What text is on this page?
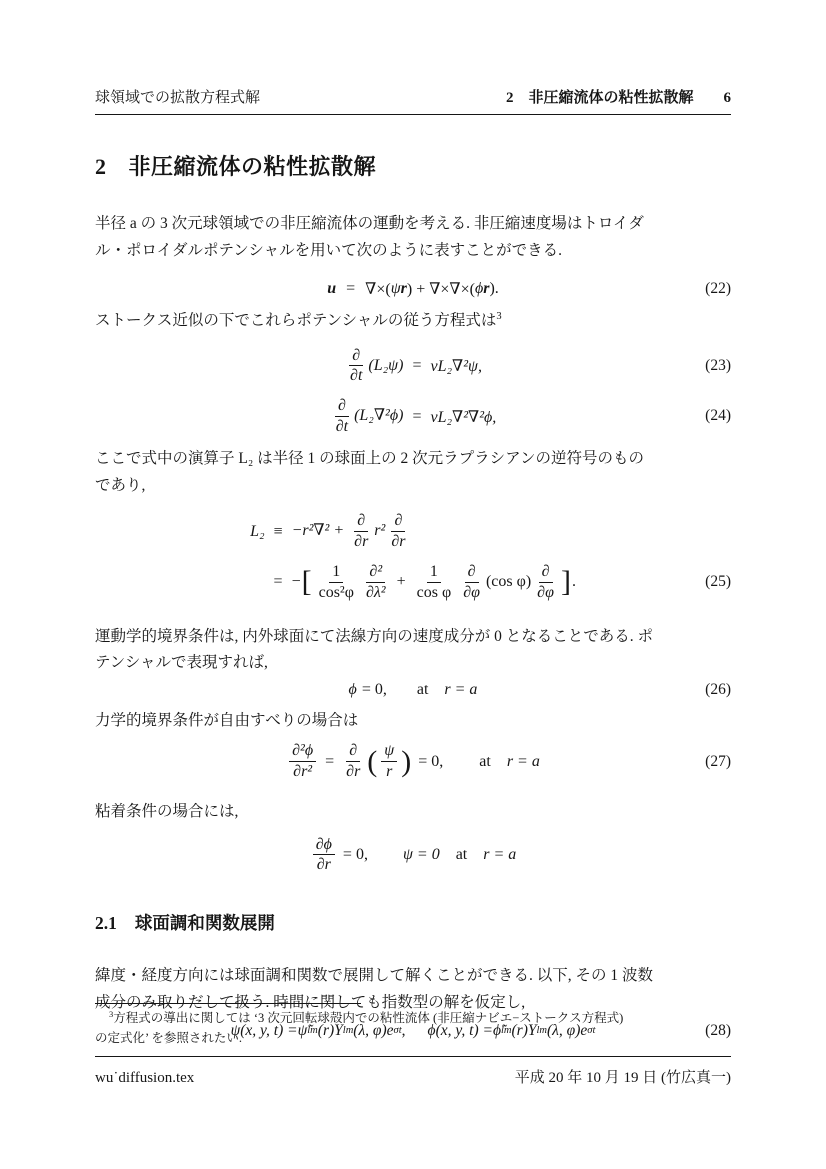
球領域での拡散方程式解	2　非圧縮流体の粘性拡散解 6
2 非圧縮流体の粘性拡散解
半径 a の 3 次元球領域での非圧縮流体の運動を考える. 非圧縮速度場はトロイダ
ル・ポロイダルポテンシャルを用いて次のように表すことができる.
u = ∇×( ψ r ) + ∇×∇×( ϕ r ).	(22)
ストークス近似の下でこれらポテンシャルの従う方程式は$^3$
$\frac{\partial}{\partial t} (L_2\psi) = \nu L_2\nabla^2\psi$,
$\frac{\partial}{\partial t} (L_2\nabla^2\phi) = \nu L_2\nabla^2\nabla^2\phi$,
(23)
(24)
ここで式中の演算子 L₂ は半径 1 の球面上の 2 次元ラプラシアンの逆符号のもの
であり,
$L_2 \equiv -r^2\nabla^2 + \frac{\partial}{\partial r} r^2 \frac{\partial}{\partial r}$
= −[ $\frac{1}{\text{cos²φ}} \frac{\text{∂²}}{\text{∂λ²}} + \frac{1}{\text{cos φ}} \frac{\partial}{\partial\varphi} (\cos$ $\varphi) \frac{\partial}{\partial\varphi}$ ].	(25)
運動学的境界条件は, 内外球面にて法線方向の速度成分が 0 となることである. ポ
テンシャルで表現すれば,
ϕ = 0, at r = a	(26)
力学的境界条件が自由すべりの場合は
$\frac{\text{∂²ϕ}}{\text{∂r²}} = \frac{\partial}{\partial r}$ ( $\frac{\psi}{r}$ ) = 0, at r = a	(27)
粘着条件の場合には,
$\frac{\partial\phi}{\partial r} = 0$, ψ = 0 at r = a
2.1 球面調和関数展開
緯度・経度方向には球面調和関数で展開して解くことができる. 以下, その 1 波数
成分のみ取りだして扱う. 時間に関しても指数型の解を仮定し,
ψ(x, y, t) = ψ̃ lm (r)Y lm (λ, φ)e σt , ϕ(x, y, t) = ϕ̃ lm (r)Y lm (λ, φ)e σt	(28)
$^3$方程式の導出に関しては ‘3 次元回転球殻内での粘性流体 (非圧縮ナビエ−ストークス方程式)
の定式化’ を参照されたい.
wu˙diffusion.tex	平成 20 年 10 月 19 日 (竹広真一)
